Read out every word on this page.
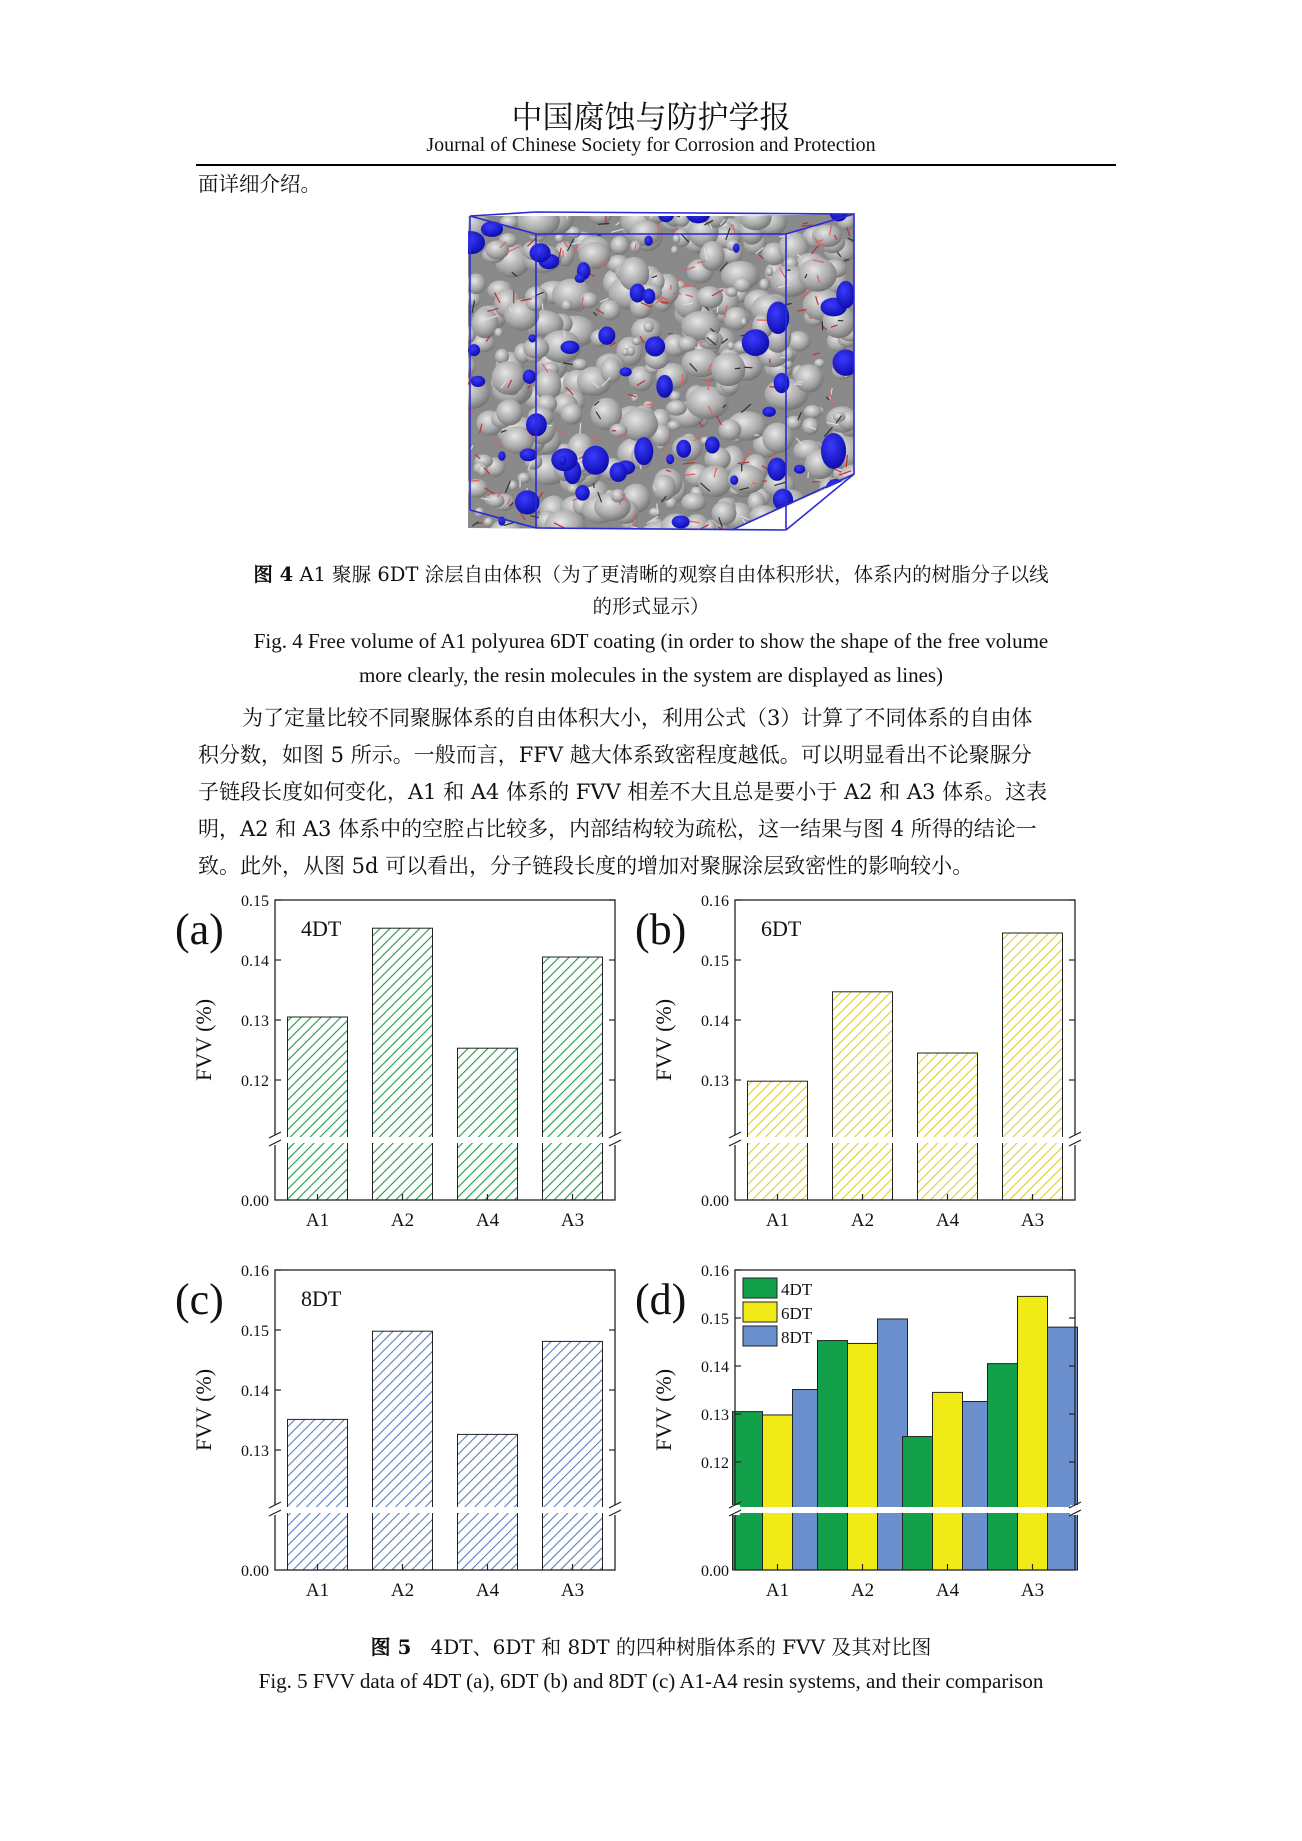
中国腐蚀与防护学报
Journal of Chinese Society for Corrosion and Protection
面详细介绍。
图 4 A1 聚脲 6DT 涂层自由体积（为了更清晰的观察自由体积形状，体系内的树脂分子以线
的形式显示）
Fig. 4 Free volume of A1 polyurea 6DT coating (in order to show the shape of the free volume
more clearly, the resin molecules in the system are displayed as lines)

为了定量比较不同聚脲体系的自由体积大小，利用公式（3）计算了不同体系的自由体

积分数，如图 5 所示。一般而言，FFV 越大体系致密程度越低。可以明显看出不论聚脲分

子链段长度如何变化，A1 和 A4 体系的 FVV 相差不大且总是要小于 A2 和 A3 体系。这表

明，A2 和 A3 体系中的空腔占比较多，内部结构较为疏松，这一结果与图 4 所得的结论一

致。此外，从图 5d 可以看出，分子链段长度的增加对聚脲涂层致密性的影响较小。

0.12
0.13
0.14
0.15
0.00
A1	A2	A4	A3
FVV (%)
(a)	4DT
0.13
0.14
0.15
0.16
0.00
A1	A2	A4	A3
FVV (%)
(b)	6DT
0.13
0.14
0.15
0.16
0.00
A1	A2	A4	A3
FVV (%)
(c)	8DT
0.12
0.13
0.14
0.15
0.16
0.00
A1	A2	A4	A3
FVV (%)
(d)	4DT
6DT
8DT
图 5 4DT、6DT 和 8DT 的四种树脂体系的 FVV 及其对比图
Fig. 5 FVV data of 4DT (a), 6DT (b) and 8DT (c) A1-A4 resin systems, and their comparison
